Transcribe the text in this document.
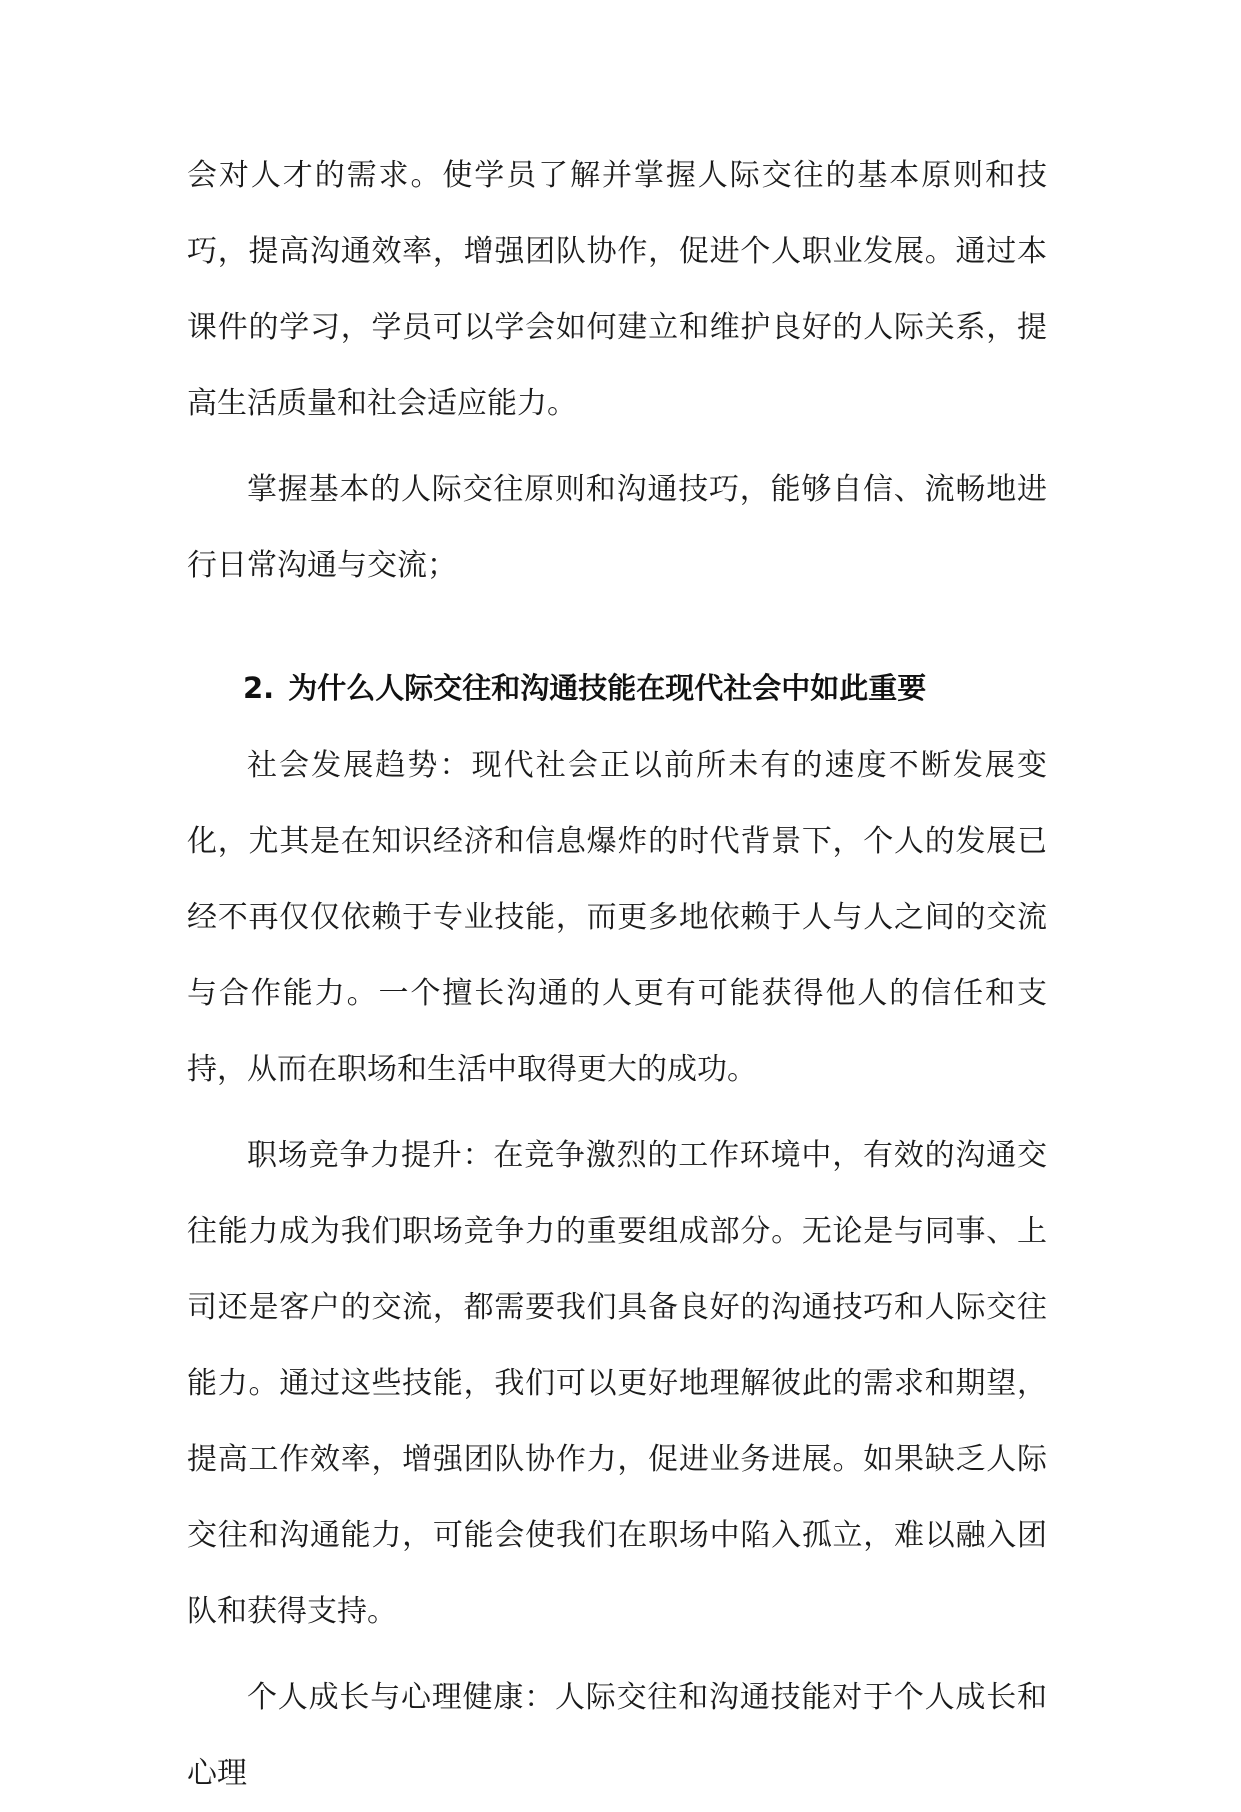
会对人才的需求。使学员了解并掌握人际交往的基本原则和技巧，提高沟通效率，增强团队协作，促进个人职业发展。通过本课件的学习，学员可以学会如何建立和维护良好的人际关系，提高生活质量和社会适应能力。

掌握基本的人际交往原则和沟通技巧，能够自信、流畅地进行日常沟通与交流；

2. 为什么人际交往和沟通技能在现代社会中如此重要

社会发展趋势：现代社会正以前所未有的速度不断发展变化，尤其是在知识经济和信息爆炸的时代背景下，个人的发展已经不再仅仅依赖于专业技能，而更多地依赖于人与人之间的交流与合作能力。一个擅长沟通的人更有可能获得他人的信任和支持，从而在职场和生活中取得更大的成功。

职场竞争力提升：在竞争激烈的工作环境中，有效的沟通交往能力成为我们职场竞争力的重要组成部分。无论是与同事、上司还是客户的交流，都需要我们具备良好的沟通技巧和人际交往能力。通过这些技能，我们可以更好地理解彼此的需求和期望，提高工作效率，增强团队协作力，促进业务进展。如果缺乏人际交往和沟通能力，可能会使我们在职场中陷入孤立，难以融入团队和获得支持。

个人成长与心理健康：人际交往和沟通技能对于个人成长和心理
